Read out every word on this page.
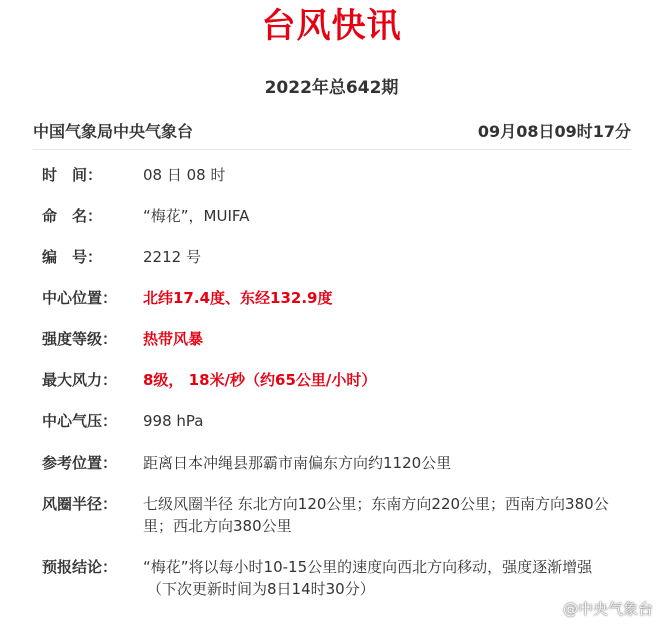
台风快讯
2022年总642期
中国气象局中央气象台	09月08日09时17分
时　间：	08 日 08 时
命　名：	“梅花”，MUIFA
编　号：	2212 号
中心位置： 北纬17.4度、东经132.9度
强度等级： 热带风暴
最大风力： 8级， 18米/秒（约65公里/小时）
中心气压： 998 hPa
参考位置： 距离日本冲绳县那霸市南偏东方向约1120公里
风圈半径： 七级风圈半径 东北方向120公里；东南方向220公里；西南方向380公里；西北方向380公里
预报结论： “梅花”将以每小时10-15公里的速度向西北方向移动，强度逐渐增强
（下次更新时间为8日14时30分）
@中央气象台
